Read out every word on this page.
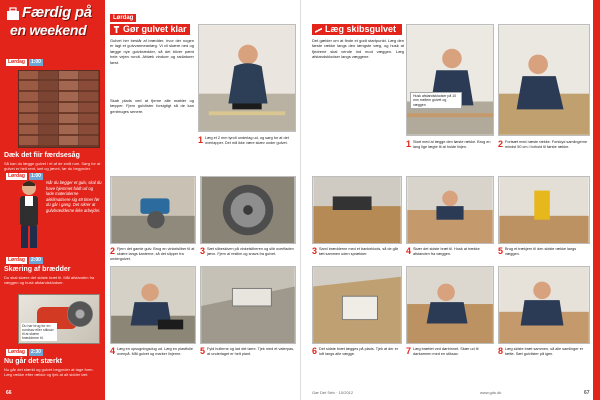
Færdig på
en weekend
Lørdag	1:00
Dæk det fiir færdsesåg
Så kan du lægge gulvet i et af de små rum. Sørg for at gulvet er helt rent, tørt og jævnt, før du begynder.
Lørdag	1:00
Når du lægger et gulv, skal du have hjemmet fuldt ud og lade materialerne akklimatisere sig 48 timer før du går i gang. Det sikrer at gulvbrædderne ikke arbejder.
Lørdag	2:00
Skæring af brædder
Du skal skære det sidste bræt til. Mål afstanden fra væggen og husk afstandsklodser.
Du har brug for en rundsav eller stiksav til at skære brædderne til.
Lørdag	2:30
Nu går det stærkt
Nu går det stærkt og gulvet begynder at tage form. Læg række efter række og tjek at alt sidder tæt.
66
Lørdag
Gør gulvet klar
Gulvet her består af brædder, hvor der nogen er lagt et gulvvarmeanlæg. Vi vil skære ned og lægge nye gulvbrædder, så det bliver pænt hele vejen rundt. Afdæk vinduer og radiatorer først.
Skab plads ved at fjerne alle møbler og tæpper. Fjern gulvlister forsigtigt så de kan genbruges senere.
1 Læg et 2 mm tyndt underlag ud, og sørg for at det overlapper. Det må ikke være skæv under gulvet.
2 Fjern det gamle gulv. Brug en vinkelsliber til at skære langs kanterne, så det slipper fra undergulvet.
3 Sæt slibeskiven på vinkelsliberen og slib overfladen jævn. Fjern al restlim og snavs fra gulvet.
4 Læg en opsugningsdug ud. Læg en plastfolie ovenpå. Mål gulvet og marker linjerne.	5 Fyld hullerne og lad det tørre. Tjek med et vaterpas, at underlaget er helt plant.
Læg skibsgulvet
Det gælder om at finde et godt startpunkt. Læg den første række langs den længste væg, og husk at fjedrene skal vende ind mod væggen. Læg afstandsklodser langs væggene.
Husk afstandsklodser på 10 mm mellem gulvet og væggen
1 Start med at lægge den første række. Brug en lang lige lægte til at holde linjen.	2 Fortsæt med næste række. Forskyd samlingerne mindst 50 cm i forhold til første række.
3 Saml brædderne med et bankeklods, så de går tæt sammen uden sprækker.	4 Skær det sidste bræt til. Husk at trække afstanden fra væggen.	5 Brug et trækjern til den sidste række langs væggen.
6 Det sidste bræt lægges på plads. Tjek at der er luft langs alle vægge.	7 Læg brættet ved dørtrinnet. Skær ud til dørkarmen med en stiksav.	8 Læg sidste bræt sammen, så alle samlinger er tætte. Sæt gulvlister på igen.
Gør Det Selv · 10/2012	www.gds.dk	67
